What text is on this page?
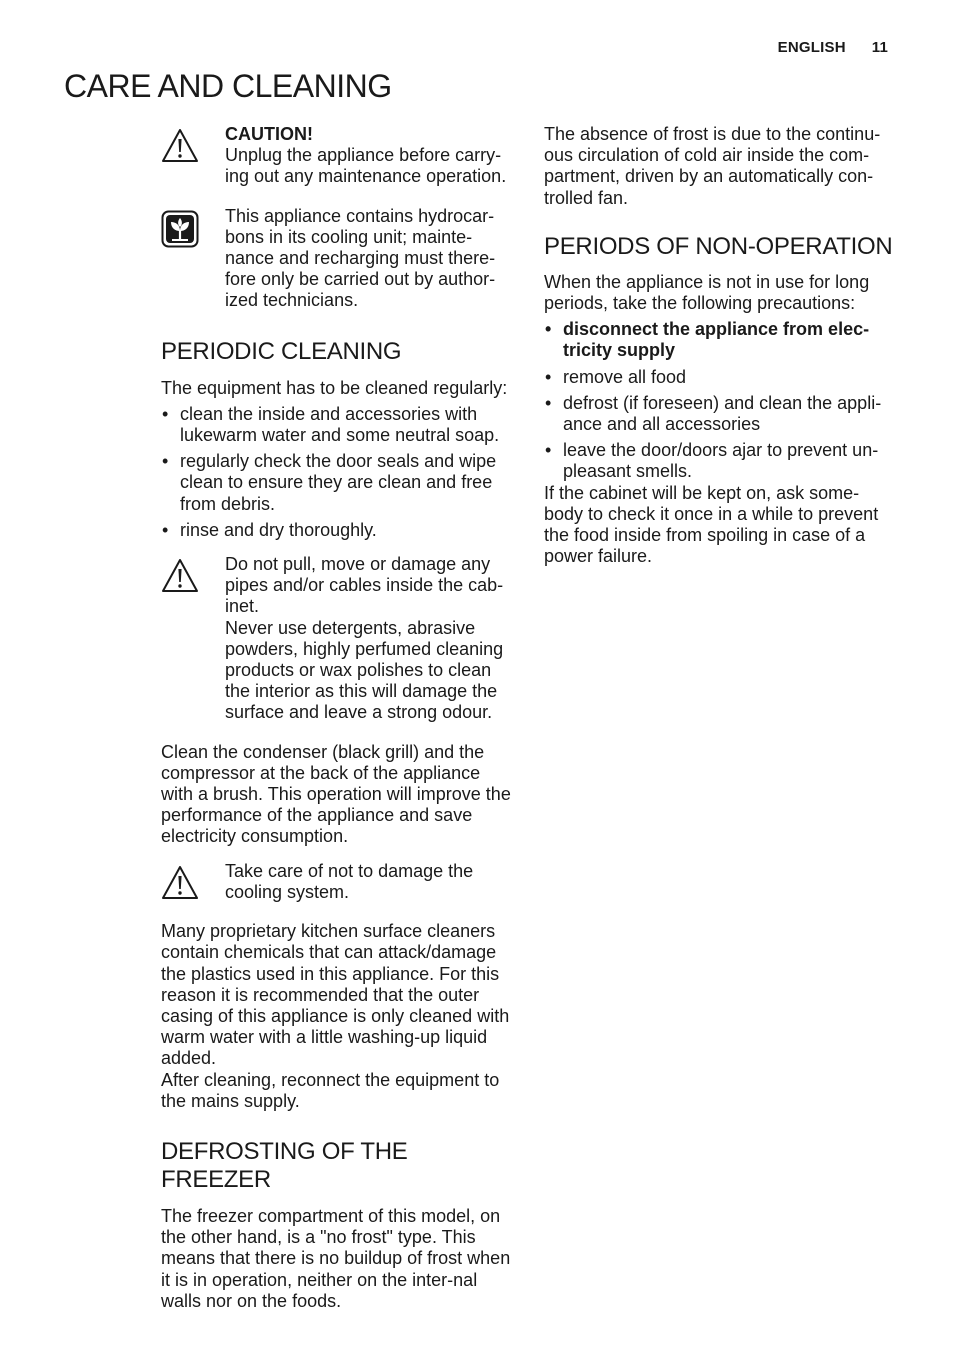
ENGLISH 11
CARE AND CLEANING

CAUTION!

Unplug the appliance before carry-ing out any maintenance operation.

This appliance contains hydrocar-bons in its cooling unit; mainte-nance and recharging must there-fore only be carried out by author-ized technicians.

PERIODIC CLEANING

The equipment has to be cleaned regularly:

• clean the inside and accessories with lukewarm water and some neutral soap.
• regularly check the door seals and wipe clean to ensure they are clean and free from debris.
• rinse and dry thoroughly.

Do not pull, move or damage any pipes and/or cables inside the cab-inet.

Never use detergents, abrasive powders, highly perfumed cleaning products or wax polishes to clean the interior as this will damage the surface and leave a strong odour.

Clean the condenser (black grill) and the compressor at the back of the appliance with a brush. This operation will improve the performance of the appliance and save electricity consumption.

Take care of not to damage the cooling system.

Many proprietary kitchen surface cleaners contain chemicals that can attack/damage the plastics used in this appliance. For this reason it is recommended that the outer casing of this appliance is only cleaned with warm water with a little washing-up liquid added.

After cleaning, reconnect the equipment to the mains supply.

DEFROSTING OF THE FREEZER

The freezer compartment of this model, on the other hand, is a "no frost" type. This means that there is no buildup of frost when it is in operation, neither on the inter-nal walls nor on the foods.

The absence of frost is due to the continu-ous circulation of cold air inside the com-partment, driven by an automatically con-trolled fan.

PERIODS OF NON-OPERATION

When the appliance is not in use for long periods, take the following precautions:

• disconnect the appliance from elec-tricity supply
• remove all food
• defrost (if foreseen) and clean the appli-ance and all accessories
• leave the door/doors ajar to prevent un-pleasant smells.

If the cabinet will be kept on, ask some-body to check it once in a while to prevent the food inside from spoiling in case of a power failure.
